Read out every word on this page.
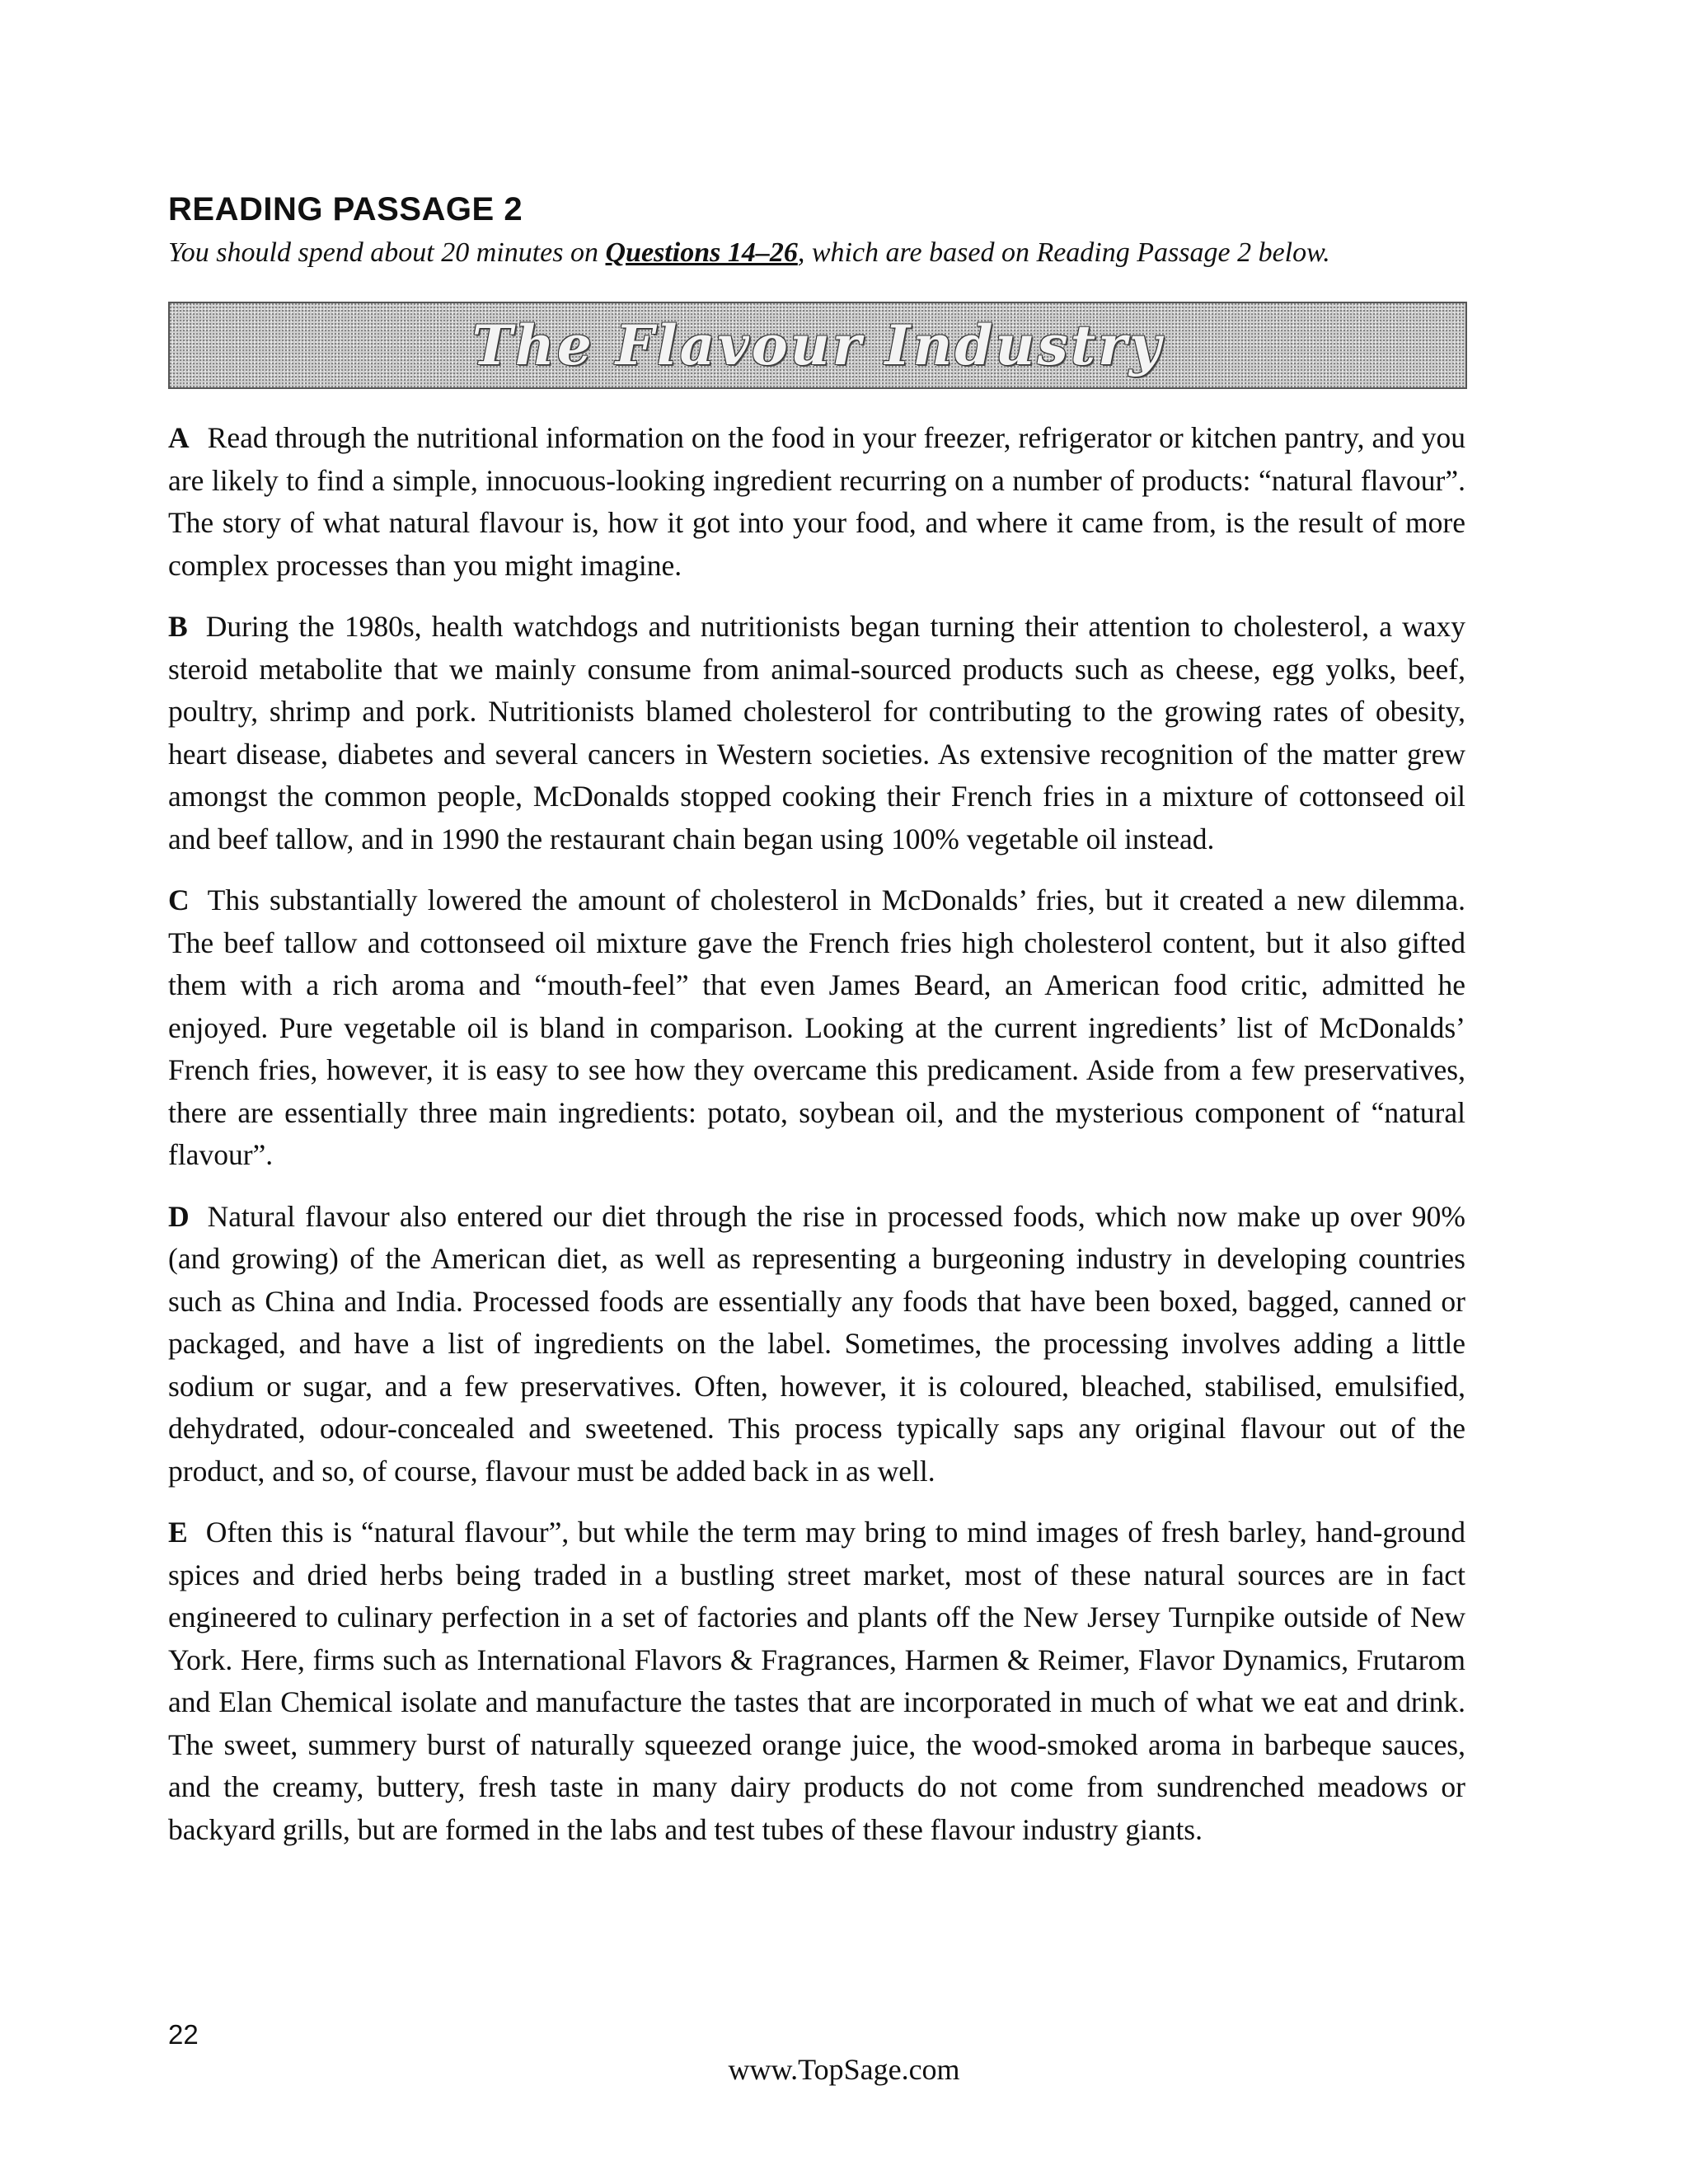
READING PASSAGE 2

You should spend about 20 minutes on Questions 14–26, which are based on Reading Passage 2 below.

The Flavour Industry

A Read through the nutritional information on the food in your freezer, refrigerator or kitchen pantry, and you are likely to find a simple, innocuous-looking ingredient recurring on a number of products: “natural flavour”. The story of what natural flavour is, how it got into your food, and where it came from, is the result of more complex processes than you might imagine.

B During the 1980s, health watchdogs and nutritionists began turning their attention to cholesterol, a waxy steroid metabolite that we mainly consume from animal-sourced products such as cheese, egg yolks, beef, poultry, shrimp and pork. Nutritionists blamed cholesterol for contributing to the growing rates of obesity, heart disease, diabetes and several cancers in Western societies. As extensive recognition of the matter grew amongst the common people, McDonalds stopped cooking their French fries in a mixture of cottonseed oil and beef tallow, and in 1990 the restaurant chain began using 100% vegetable oil instead.

C This substantially lowered the amount of cholesterol in McDonalds’ fries, but it created a new dilemma. The beef tallow and cottonseed oil mixture gave the French fries high cholesterol content, but it also gifted them with a rich aroma and “mouth-feel” that even James Beard, an American food critic, admitted he enjoyed. Pure vegetable oil is bland in comparison. Looking at the current ingredients’ list of McDonalds’ French fries, however, it is easy to see how they overcame this predicament. Aside from a few preservatives, there are essentially three main ingredients: potato, soybean oil, and the mysterious component of “natural flavour”.

D Natural flavour also entered our diet through the rise in processed foods, which now make up over 90% (and growing) of the American diet, as well as representing a burgeoning industry in developing countries such as China and India. Processed foods are essentially any foods that have been boxed, bagged, canned or packaged, and have a list of ingredients on the label. Sometimes, the processing involves adding a little sodium or sugar, and a few preservatives. Often, however, it is coloured, bleached, stabilised, emulsified, dehydrated, odour-concealed and sweetened. This process typically saps any original flavour out of the product, and so, of course, flavour must be added back in as well.

E Often this is “natural flavour”, but while the term may bring to mind images of fresh barley, hand-ground spices and dried herbs being traded in a bustling street market, most of these natural sources are in fact engineered to culinary perfection in a set of factories and plants off the New Jersey Turnpike outside of New York. Here, firms such as International Flavors & Fragrances, Harmen & Reimer, Flavor Dynamics, Frutarom and Elan Chemical isolate and manufacture the tastes that are incorporated in much of what we eat and drink. The sweet, summery burst of naturally squeezed orange juice, the wood-smoked aroma in barbeque sauces, and the creamy, buttery, fresh taste in many dairy products do not come from sundrenched meadows or backyard grills, but are formed in the labs and test tubes of these flavour industry giants.

22

www.TopSage.com
